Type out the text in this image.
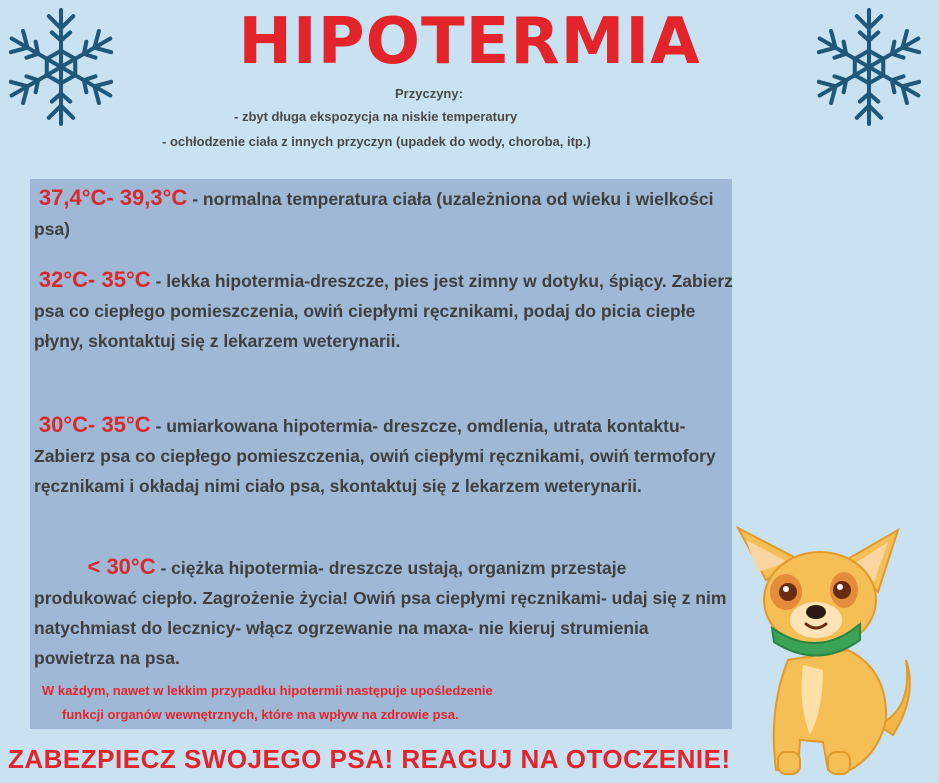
HIPOTERMIA
Przyczyny:
- zbyt długa ekspozycja na niskie temperatury
- ochłodzenie ciała z innych przyczyn (upadek do wody, choroba, itp.)
37,4°C- 39,3°C - normalna temperatura ciała (uzależniona od wieku i wielkości psa)
32°C- 35°C - lekka hipotermia-dreszcze, pies jest zimny w dotyku, śpiący. Zabierz psa co ciepłego pomieszczenia, owiń ciepłymi ręcznikami, podaj do picia ciepłe płyny, skontaktuj się z lekarzem weterynarii.
30°C- 35°C - umiarkowana hipotermia- dreszcze, omdlenia, utrata kontaktu- Zabierz psa co ciepłego pomieszczenia, owiń ciepłymi ręcznikami, owiń termofory ręcznikami i okładaj nimi ciało psa, skontaktuj się z lekarzem weterynarii.
< 30°C - ciężka hipotermia- dreszcze ustają, organizm przestaje produkować ciepło. Zagrożenie życia! Owiń psa ciepłymi ręcznikami- udaj się z nim natychmiast do lecznicy- włącz ogrzewanie na maxa- nie kieruj strumienia powietrza na psa.
W każdym, nawet w lekkim przypadku hipotermii następuje upośledzenie
funkcji organów wewnętrznych, które ma wpływ na zdrowie psa.
ZABEZPIECZ SWOJEGO PSA! REAGUJ NA OTOCZENIE!
